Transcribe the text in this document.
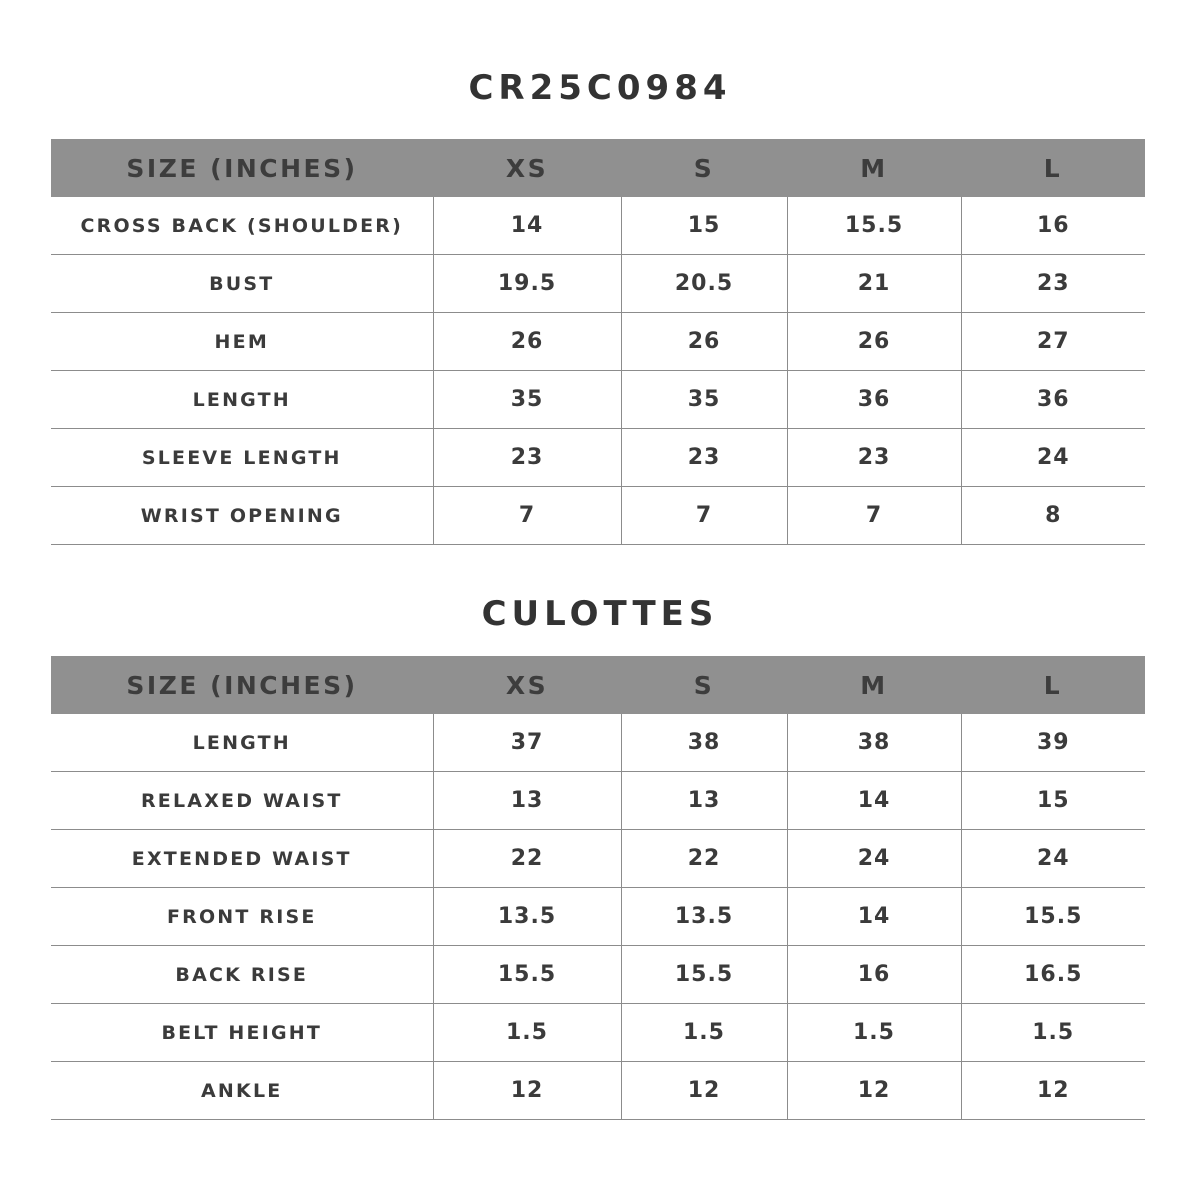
CR25C0984
SIZE (INCHES)	XS	S	M	L
CROSS BACK (SHOULDER)	14	15	15.5	16
BUST	19.5	20.5	21	23
HEM	26	26	26	27
LENGTH	35	35	36	36
SLEEVE LENGTH	23	23	23	24
WRIST OPENING	7	7	7	8
CULOTTES
SIZE (INCHES)	XS	S	M	L
LENGTH	37	38	38	39
RELAXED WAIST	13	13	14	15
EXTENDED WAIST	22	22	24	24
FRONT RISE	13.5	13.5	14	15.5
BACK RISE	15.5	15.5	16	16.5
BELT HEIGHT	1.5	1.5	1.5	1.5
ANKLE	12	12	12	12
